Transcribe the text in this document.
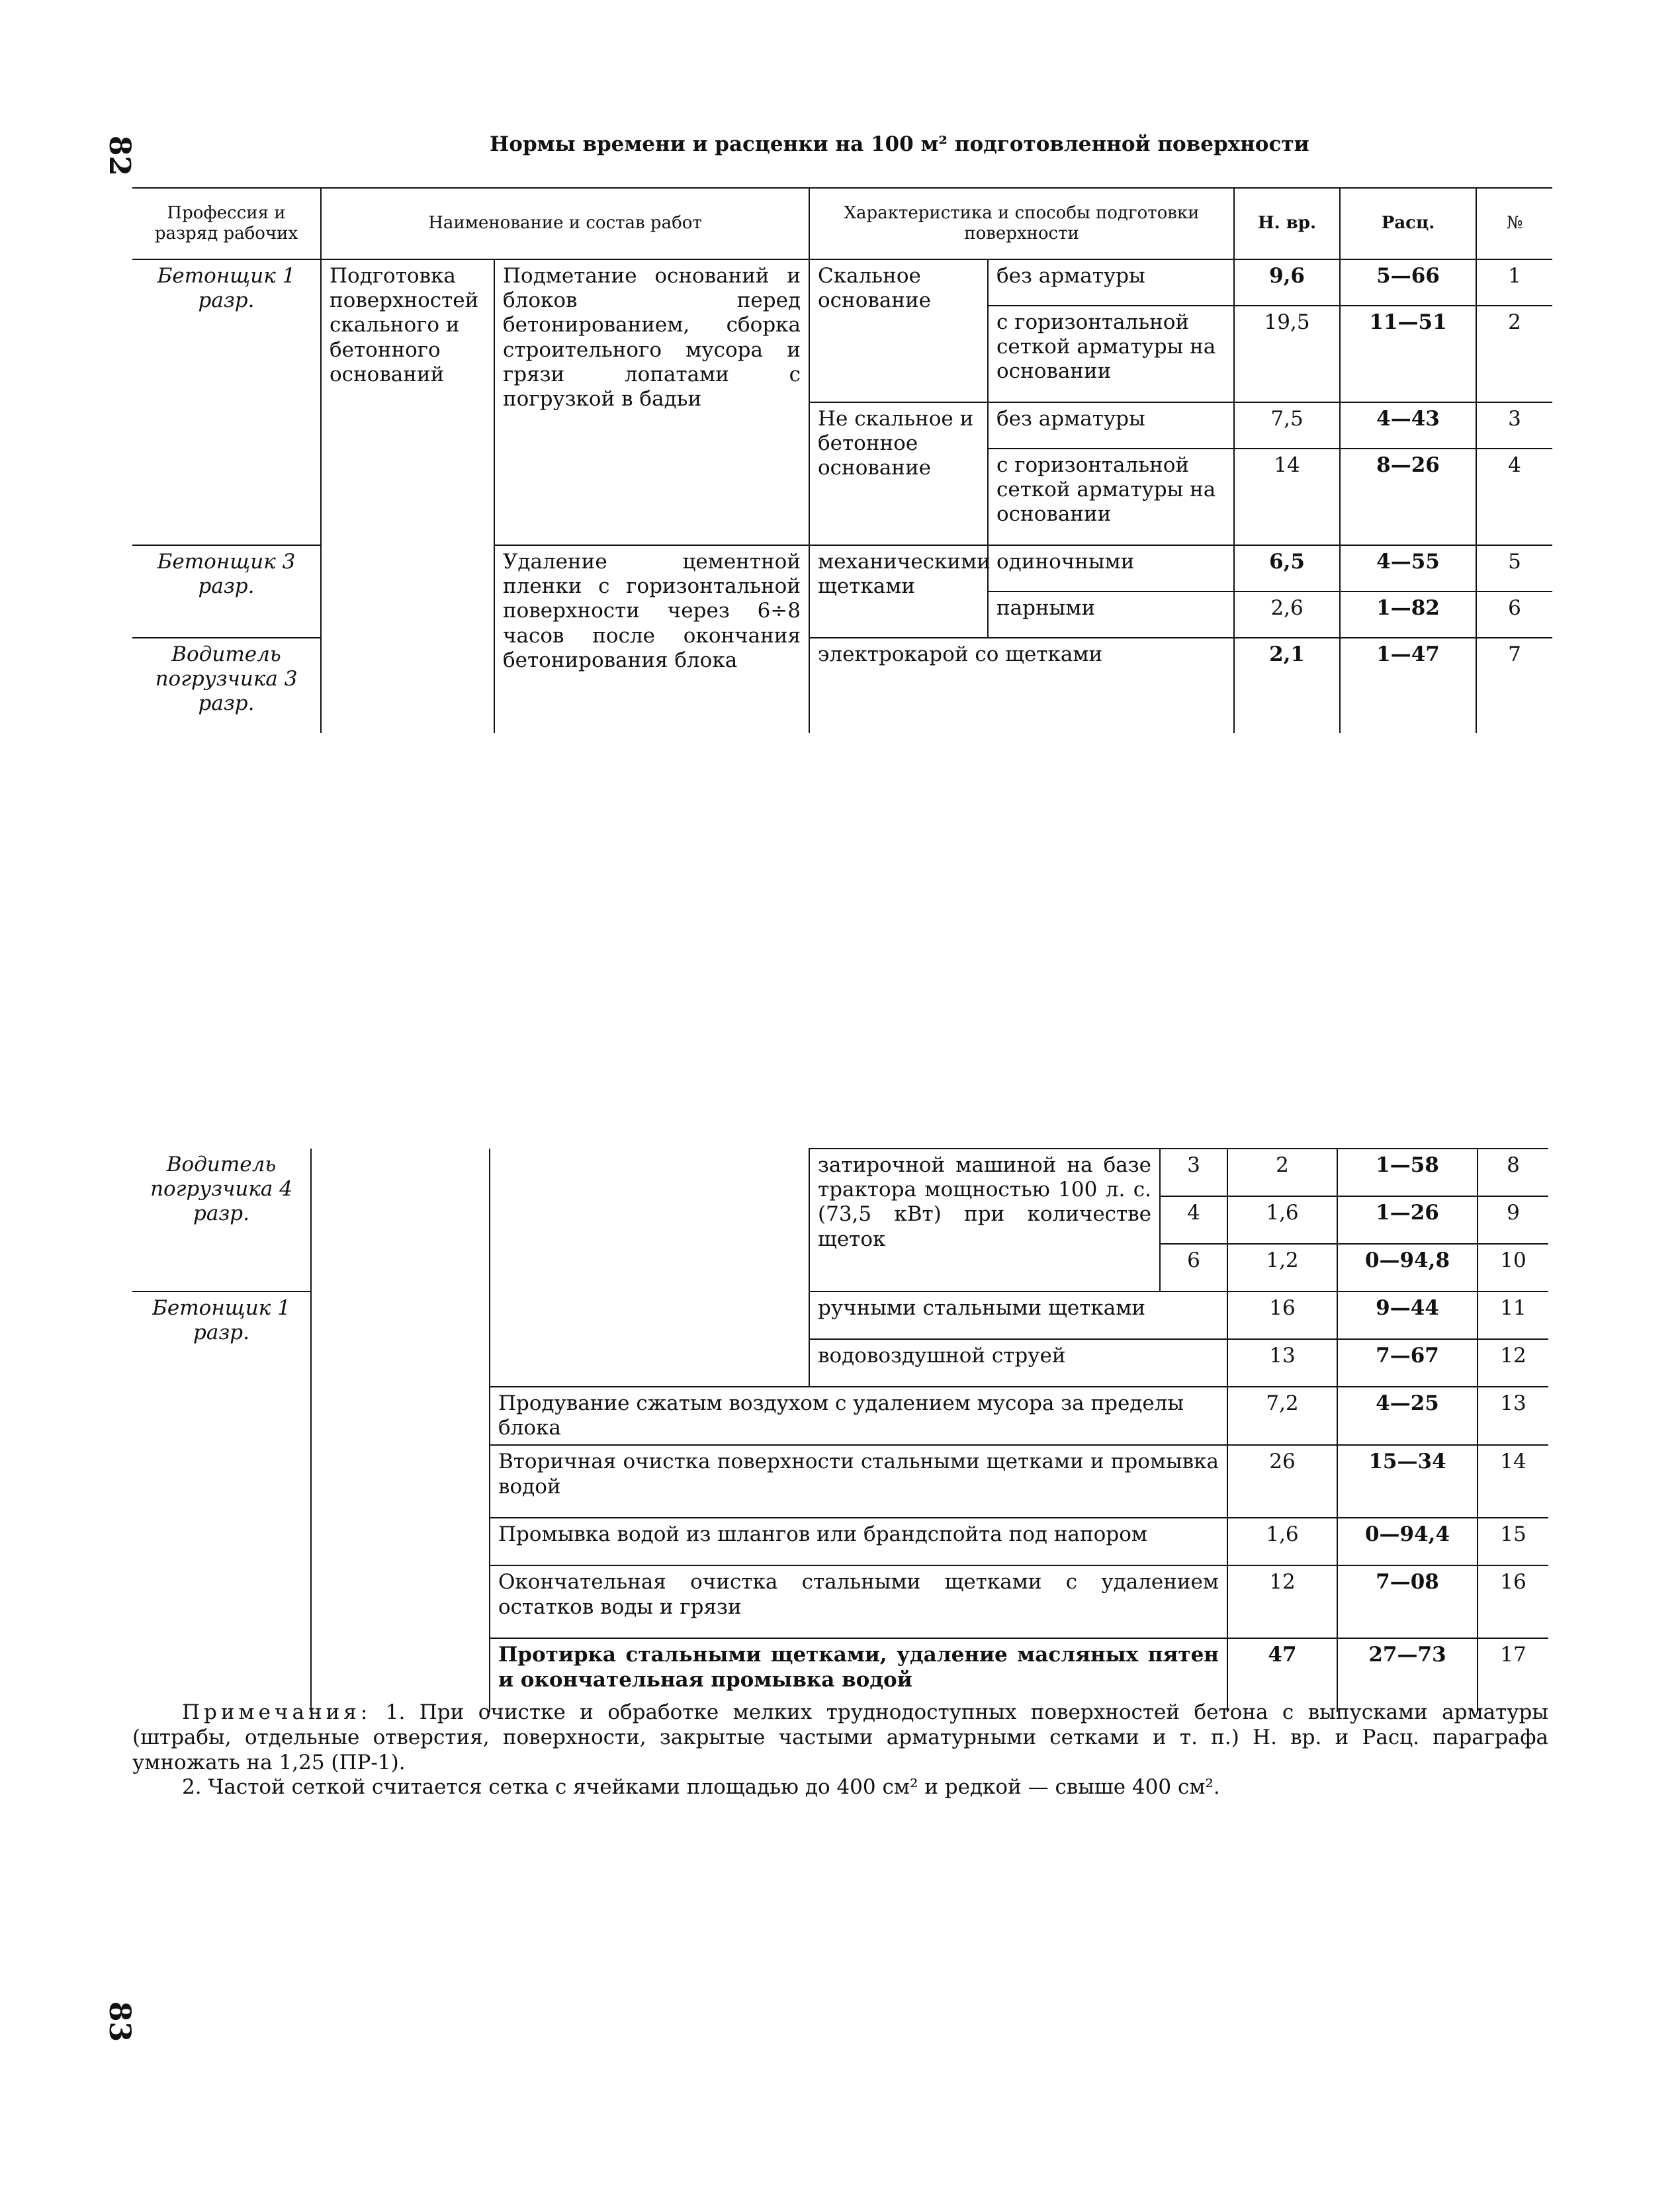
82
83
Нормы времени и расценки на 100 м² подготовленной поверхности
Профессия и разряд рабочих	Наименование и состав работ		Характеристика и способы подготовки поверхности		Н. вр.	Расц.	№
Бетонщик 1 разр.	Подготовка поверхностей скального и бетонного оснований	Подметание оснований и блоков перед бетонированием, сборка строительного мусора и грязи лопатами с погрузкой в бадьи	Скальное основание	без арматуры	9,6	5—66	1
				с горизонтальной сеткой арматуры на основании	19,5	11—51	2
			Не скальное и бетонное основание	без арматуры	7,5	4—43	3
				с горизонтальной сеткой арматуры на основании	14	8—26	4
Бетонщик 3 разр.		Удаление цементной пленки с горизонтальной поверхности через 6÷8 часов после окончания бетонирования блока	механическими щетками	одиночными	6,5	4—55	5
				парными	2,6	1—82	6
Водитель погрузчика 3 разр.			электрокарой со щетками		2,1	1—47	7
Водитель погрузчика 4 разр.			затирочной машиной на базе трактора мощностью 100 л. с. (73,5 кВт) при количестве щеток	3	2	1—58	8
				4	1,6	1—26	9
				6	1,2	0—94,8	10
Бетонщик 1 разр.			ручными стальными щетками		16	9—44	11
			водовоздушной струей		13	7—67	12
		Продувание сжатым воздухом с удалением мусора за пределы блока			7,2	4—25	13
		Вторичная очистка поверхности стальными щетками и промывка водой			26	15—34	14
		Промывка водой из шлангов или брандспойта под напором			1,6	0—94,4	15
		Окончательная очистка стальными щетками с удалением остатков воды и грязи			12	7—08	16
		Протирка стальными щетками, удаление масляных пятен и окончательная промывка водой			47	27—73	17

Примечания: 1. При очистке и обработке мелких труднодоступных поверхностей бетона с выпусками арматуры (штрабы, отдельные отверстия, поверхности, закрытые частыми арматурными сетками и т. п.) Н. вр. и Расц. параграфа умножать на 1,25 (ПР-1).

2. Частой сеткой считается сетка с ячейками площадью до 400 см² и редкой — свыше 400 см².
